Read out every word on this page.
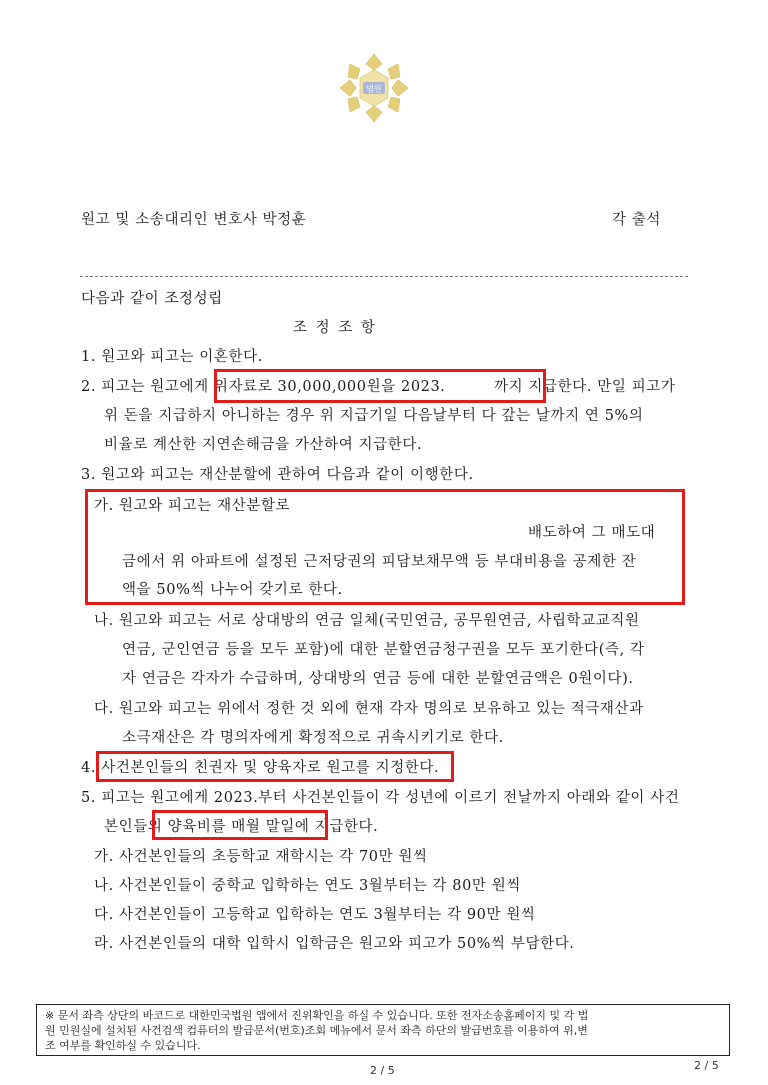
법원
원고 및 소송대리인 변호사 박정훈	각 출석
다음과 같이 조정성립
조 정 조 항
1. 원고와 피고는 이혼한다.
2. 피고는 원고에게 위자료로 30,000,000원을 2023.	까지 지급한다. 만일 피고가
위 돈을 지급하지 아니하는 경우 위 지급기일 다음날부터 다 갚는 날까지 연 5%의
비율로 계산한 지연손해금을 가산하여 지급한다.
3. 원고와 피고는 재산분할에 관하여 다음과 같이 이행한다.
가. 원고와 피고는 재산분할로
배도하여 그 매도대
금에서 위 아파트에 설정된 근저당권의 피담보채무액 등 부대비용을 공제한 잔
액을 50%씩 나누어 갖기로 한다.
나. 원고와 피고는 서로 상대방의 연금 일체(국민연금, 공무원연금, 사립학교교직원
연금, 군인연금 등을 모두 포함)에 대한 분할연금청구권을 모두 포기한다(즉, 각
자 연금은 각자가 수급하며, 상대방의 연금 등에 대한 분할연금액은 0원이다).
다. 원고와 피고는 위에서 정한 것 외에 현재 각자 명의로 보유하고 있는 적극재산과
소극재산은 각 명의자에게 확정적으로 귀속시키기로 한다.
4. 사건본인들의 친권자 및 양육자로 원고를 지정한다.
5. 피고는 원고에게 2023. 부터 사건본인들이 각 성년에 이르기 전날까지 아래와 같이 사건
본인들의 양육비를 매월 말일에 지급한다.
가. 사건본인들의 초등학교 재학시는 각 70만 원씩
나. 사건본인들이 중학교 입학하는 연도 3월부터는 각 80만 원씩
다. 사건본인들이 고등학교 입학하는 연도 3월부터는 각 90만 원씩
라. 사건본인들의 대학 입학시 입학금은 원고와 피고가 50%씩 부담한다.
※ 문서 좌측 상단의 바코드로 대한민국법원 앱에서 진위확인을 하실 수 있습니다. 또한 전자소송홈페이지 및 각 법
원 민원실에 설치된 사건검색 컴퓨터의 발급문서(번호)조회 메뉴에서 문서 좌측 하단의 발급번호를 이용하여 위,변
조 여부를 확인하실 수 있습니다.
2 / 5	2 / 5
